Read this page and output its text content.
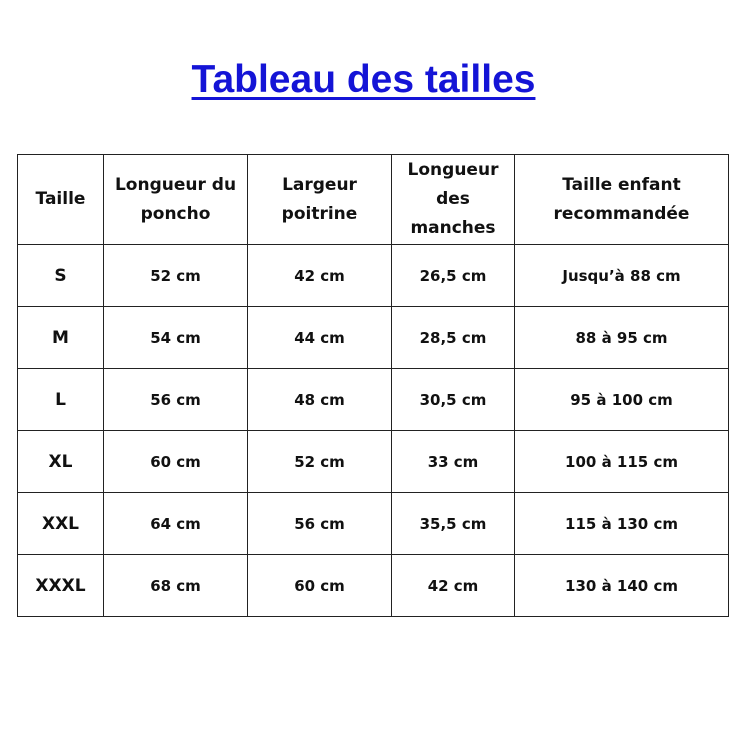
Tableau des tailles
Taille	Longueur du poncho	Largeur poitrine	Longueur des manches	Taille enfant recommandée
S	52 cm	42 cm	26,5 cm	Jusqu’à 88 cm
M	54 cm	44 cm	28,5 cm	88 à 95 cm
L	56 cm	48 cm	30,5 cm	95 à 100 cm
XL	60 cm	52 cm	33 cm	100 à 115 cm
XXL	64 cm	56 cm	35,5 cm	115 à 130 cm
XXXL	68 cm	60 cm	42 cm	130 à 140 cm
